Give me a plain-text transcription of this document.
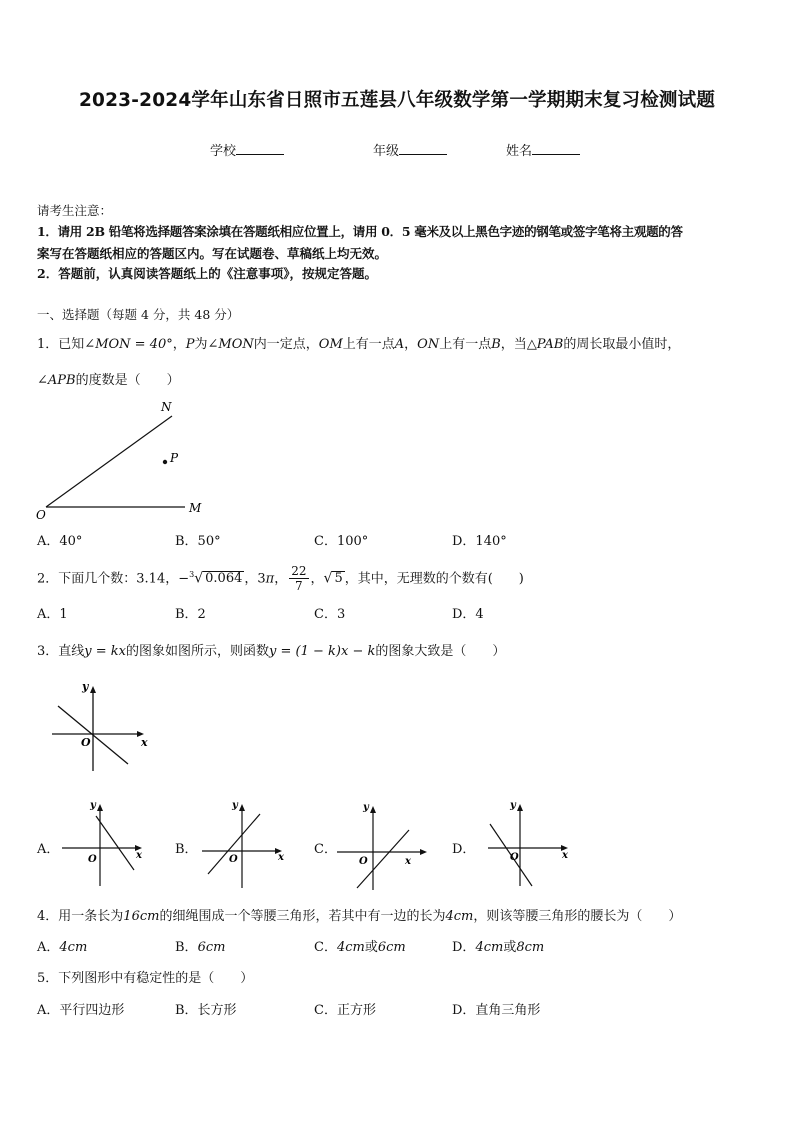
2023-2024学年山东省日照市五莲县八年级数学第一学期期末复习检测试题
学校	年级	姓名
请考生注意：
1．请用 2B 铅笔将选择题答案涂填在答题纸相应位置上，请用 0．5 毫米及以上黑色字迹的钢笔或签字笔将主观题的答
案写在答题纸相应的答题区内。写在试题卷、草稿纸上均无效。
2．答题前，认真阅读答题纸上的《注意事项》，按规定答题。
一、选择题（每题 4 分，共 48 分）
1．已知∠MON = 40°，P为∠MON内一定点，OM上有一点A，ON上有一点B，当△PAB的周长取最小值时，
∠APB的度数是（　　）
N
P
O	M
A．40°	B．50°	C．100°	D．140°
2．下面几个数：3.14，−$^3$√ 0.064 ，3π， $\frac{22}{7}$ ，√ 5 ，其中，无理数的个数有(　　)
A．1	B．2	C．3	D．4
3．直线y = kx的图象如图所示，则函数y = (1 − k)x − k的图象大致是（　　）
y
x
O
A．	B．	C．	D．
y
x
O
y
x
O
y
x
O
y
x
O
4．用一条长为16cm的细绳围成一个等腰三角形，若其中有一边的长为4cm，则该等腰三角形的腰长为（　　）
A．4cm	B．6cm	C．4cm或6cm	D．4cm或8cm
5．下列图形中有稳定性的是（　　）
A．平行四边形	B．长方形	C．正方形	D．直角三角形
